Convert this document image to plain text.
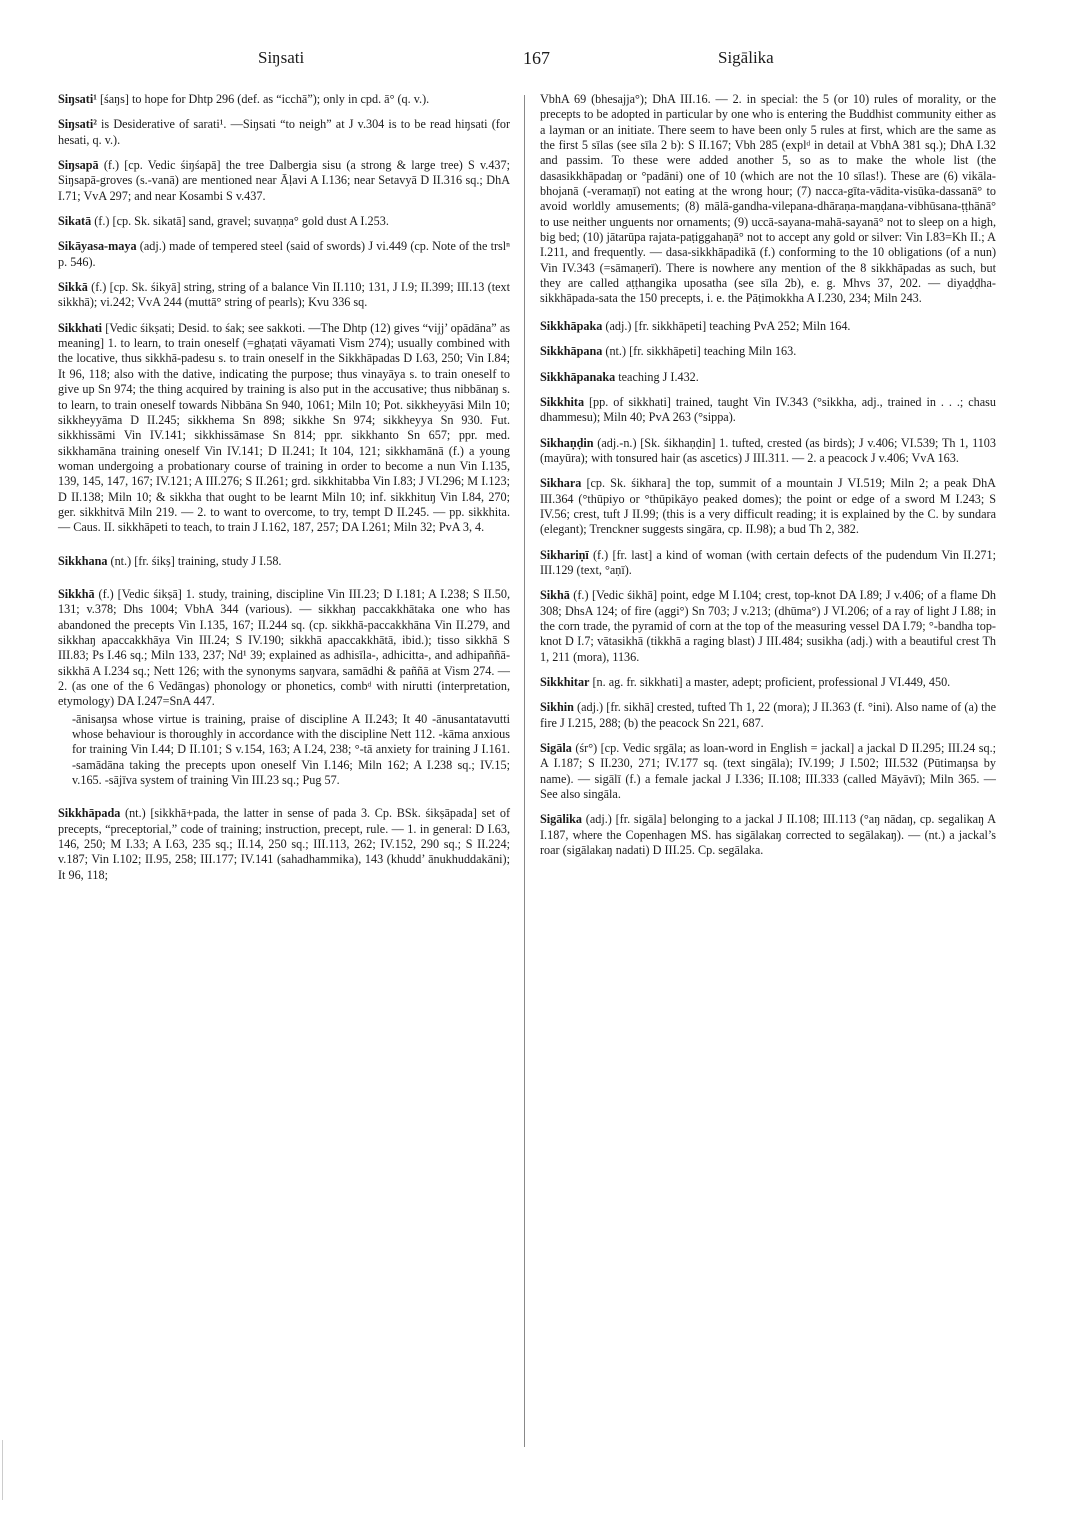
Siŋsati	167	Sigālika

Siŋsati¹ [śaŋs] to hope for Dhtp 296 (def. as “icchā”); only in cpd. ā° (q. v.).

Siŋsati² is Desiderative of sarati¹. —Siŋsati “to neigh” at J v.304 is to be read hiŋsati (for hesati, q. v.).

Siŋsapā (f.) [cp. Vedic śiŋśapā] the tree Dalbergia sisu (a strong & large tree) S v.437; Siŋsapā-groves (s.-vanā) are mentioned near Āḷavi A I.136; near Setavyā D II.316 sq.; DhA I.71; VvA 297; and near Kosambi S v.437.

Sikatā (f.) [cp. Sk. sikatā] sand, gravel; suvaṇṇa° gold dust A I.253.

Sikāyasa-maya (adj.) made of tempered steel (said of swords) J vi.449 (cp. Note of the trslⁿ p. 546).

Sikkā (f.) [cp. Sk. śikyā] string, string of a balance Vin II.110; 131, J I.9; II.399; III.13 (text sikkhā); vi.242; VvA 244 (muttā° string of pearls); Kvu 336 sq.

Sikkhati [Vedic śikṣati; Desid. to śak; see sakkoti. —The Dhtp (12) gives “vijj’ opādāna” as meaning] 1. to learn, to train oneself (=ghaṭati vāyamati Vism 274); usually combined with the locative, thus sikkhā-padesu s. to train oneself in the Sikkhāpadas D I.63, 250; Vin I.84; It 96, 118; also with the dative, indicating the purpose; thus vinayāya s. to train oneself to give up Sn 974; the thing acquired by training is also put in the accusative; thus nibbānaŋ s. to learn, to train oneself towards Nibbāna Sn 940, 1061; Miln 10; Pot. sikkheyyāsi Miln 10; sikkheyyāma D II.245; sikkhema Sn 898; sikkhe Sn 974; sikkheyya Sn 930. Fut. sikkhissāmi Vin IV.141; sikkhissāmase Sn 814; ppr. sikkhanto Sn 657; ppr. med. sikkhamāna training oneself Vin IV.141; D II.241; It 104, 121; sikkhamānā (f.) a young woman undergoing a probationary course of training in order to become a nun Vin I.135, 139, 145, 147, 167; IV.121; A III.276; S II.261; grd. sikkhitabba Vin I.83; J VI.296; M I.123; D II.138; Miln 10; & sikkha that ought to be learnt Miln 10; inf. sikkhituŋ Vin I.84, 270; ger. sikkhitvā Miln 219. — 2. to want to overcome, to try, tempt D II.245. — pp. sikkhita. — Caus. II. sikkhāpeti to teach, to train J I.162, 187, 257; DA I.261; Miln 32; PvA 3, 4.

Sikkhana (nt.) [fr. śikṣ] training, study J I.58.

Sikkhā (f.) [Vedic śikṣā] 1. study, training, discipline Vin III.23; D I.181; A I.238; S II.50, 131; v.378; Dhs 1004; VbhA 344 (various). — sikkhaŋ paccakkhātaka one who has abandoned the precepts Vin I.135, 167; II.244 sq. (cp. sikkhā-paccakkhāna Vin II.279, and sikkhaŋ apaccakkhāya Vin III.24; S IV.190; sikkhā apaccakkhātā, ibid.); tisso sikkhā S III.83; Ps I.46 sq.; Miln 133, 237; Nd¹ 39; explained as adhisīla-, adhicitta-, and adhipaññā-sikkhā A I.234 sq.; Nett 126; with the synonyms saŋvara, samādhi & paññā at Vism 274. — 2. (as one of the 6 Vedāngas) phonology or phonetics, combᵈ with nirutti (interpretation, etymology) DA I.247=SnA 447.

-ānisaŋsa whose virtue is training, praise of discipline A II.243; It 40 -ānusantatavutti whose behaviour is thoroughly in accordance with the discipline Nett 112. -kāma anxious for training Vin I.44; D II.101; S v.154, 163; A I.24, 238; °-tā anxiety for training J I.161. -samādāna taking the precepts upon oneself Vin I.146; Miln 162; A I.238 sq.; IV.15; v.165. -sājīva system of training Vin III.23 sq.; Pug 57.

Sikkhāpada (nt.) [sikkhā+pada, the latter in sense of pada 3. Cp. BSk. śikṣāpada] set of precepts, “preceptorial,” code of training; instruction, precept, rule. — 1. in general: D I.63, 146, 250; M I.33; A I.63, 235 sq.; II.14, 250 sq.; III.113, 262; IV.152, 290 sq.; S II.224; v.187; Vin I.102; II.95, 258; III.177; IV.141 (sahadhammika), 143 (khudd’ ānukhuddakāni); It 96, 118;

VbhA 69 (bhesajja°); DhA III.16. — 2. in special: the 5 (or 10) rules of morality, or the precepts to be adopted in particular by one who is entering the Buddhist community either as a layman or an initiate. There seem to have been only 5 rules at first, which are the same as the first 5 sīlas (see sīla 2 b): S II.167; Vbh 285 (explᵈ in detail at VbhA 381 sq.); DhA I.32 and passim. To these were added another 5, so as to make the whole list (the dasasikkhāpadaŋ or °padāni) one of 10 (which are not the 10 sīlas!). These are (6) vikāla-bhojanā (-veramaṇī) not eating at the wrong hour; (7) nacca-gīta-vādita-visūka-dassanā° to avoid worldly amusements; (8) mālā-gandha-vilepana-dhāraṇa-maṇḍana-vibhūsana-ṭṭhānā° to use neither unguents nor ornaments; (9) uccā-sayana-mahā-sayanā° not to sleep on a high, big bed; (10) jātarūpa rajata-paṭiggahaṇā° not to accept any gold or silver: Vin I.83=Kh II.; A I.211, and frequently. — dasa-sikkhāpadikā (f.) conforming to the 10 obligations (of a nun) Vin IV.343 (=sāmaṇerī). There is nowhere any mention of the 8 sikkhāpadas as such, but they are called aṭṭhangika uposatha (see sīla 2b), e. g. Mhvs 37, 202. — diyaḍḍha-sikkhāpada-sata the 150 precepts, i. e. the Pāṭimokkha A I.230, 234; Miln 243.

Sikkhāpaka (adj.) [fr. sikkhāpeti] teaching PvA 252; Miln 164.

Sikkhāpana (nt.) [fr. sikkhāpeti] teaching Miln 163.

Sikkhāpanaka teaching J I.432.

Sikkhita [pp. of sikkhati] trained, taught Vin IV.343 (°sikkha, adj., trained in . . .; chasu dhammesu); Miln 40; PvA 263 (°sippa).

Sikhaṇḍin (adj.-n.) [Sk. śikhaṇḍin] 1. tufted, crested (as birds); J v.406; VI.539; Th 1, 1103 (mayūra); with tonsured hair (as ascetics) J III.311. — 2. a peacock J v.406; VvA 163.

Sikhara [cp. Sk. śikhara] the top, summit of a mountain J VI.519; Miln 2; a peak DhA III.364 (°thūpiyo or °thūpikāyo peaked domes); the point or edge of a sword M I.243; S IV.56; crest, tuft J II.99; (this is a very difficult reading; it is explained by the C. by sundara (elegant); Trenckner suggests singāra, cp. II.98); a bud Th 2, 382.

Sikhariṇī (f.) [fr. last] a kind of woman (with certain defects of the pudendum Vin II.271; III.129 (text, °aṇī).

Sikhā (f.) [Vedic śikhā] point, edge M I.104; crest, top-knot DA I.89; J v.406; of a flame Dh 308; DhsA 124; of fire (aggi°) Sn 703; J v.213; (dhūma°) J VI.206; of a ray of light J I.88; in the corn trade, the pyramid of corn at the top of the measuring vessel DA I.79; °-bandha top-knot D I.7; vātasikhā (tikkhā a raging blast) J III.484; susikha (adj.) with a beautiful crest Th 1, 211 (mora), 1136.

Sikkhitar [n. ag. fr. sikkhati] a master, adept; proficient, professional J VI.449, 450.

Sikhin (adj.) [fr. sikhā] crested, tufted Th 1, 22 (mora); J II.363 (f. °ini). Also name of (a) the fire J I.215, 288; (b) the peacock Sn 221, 687.

Sigāla (śr°) [cp. Vedic sṛgāla; as loan-word in English = jackal] a jackal D II.295; III.24 sq.; A I.187; S II.230, 271; IV.177 sq. (text singāla); IV.199; J I.502; III.532 (Pūtimaŋsa by name). — sigālī (f.) a female jackal J I.336; II.108; III.333 (called Māyāvī); Miln 365. — See also singāla.

Sigālika (adj.) [fr. sigāla] belonging to a jackal J II.108; III.113 (°aŋ nādaŋ, cp. segalikaŋ A I.187, where the Copenhagen MS. has sigālakaŋ corrected to segālakaŋ). — (nt.) a jackal’s roar (sigālakaŋ nadati) D III.25. Cp. segālaka.
